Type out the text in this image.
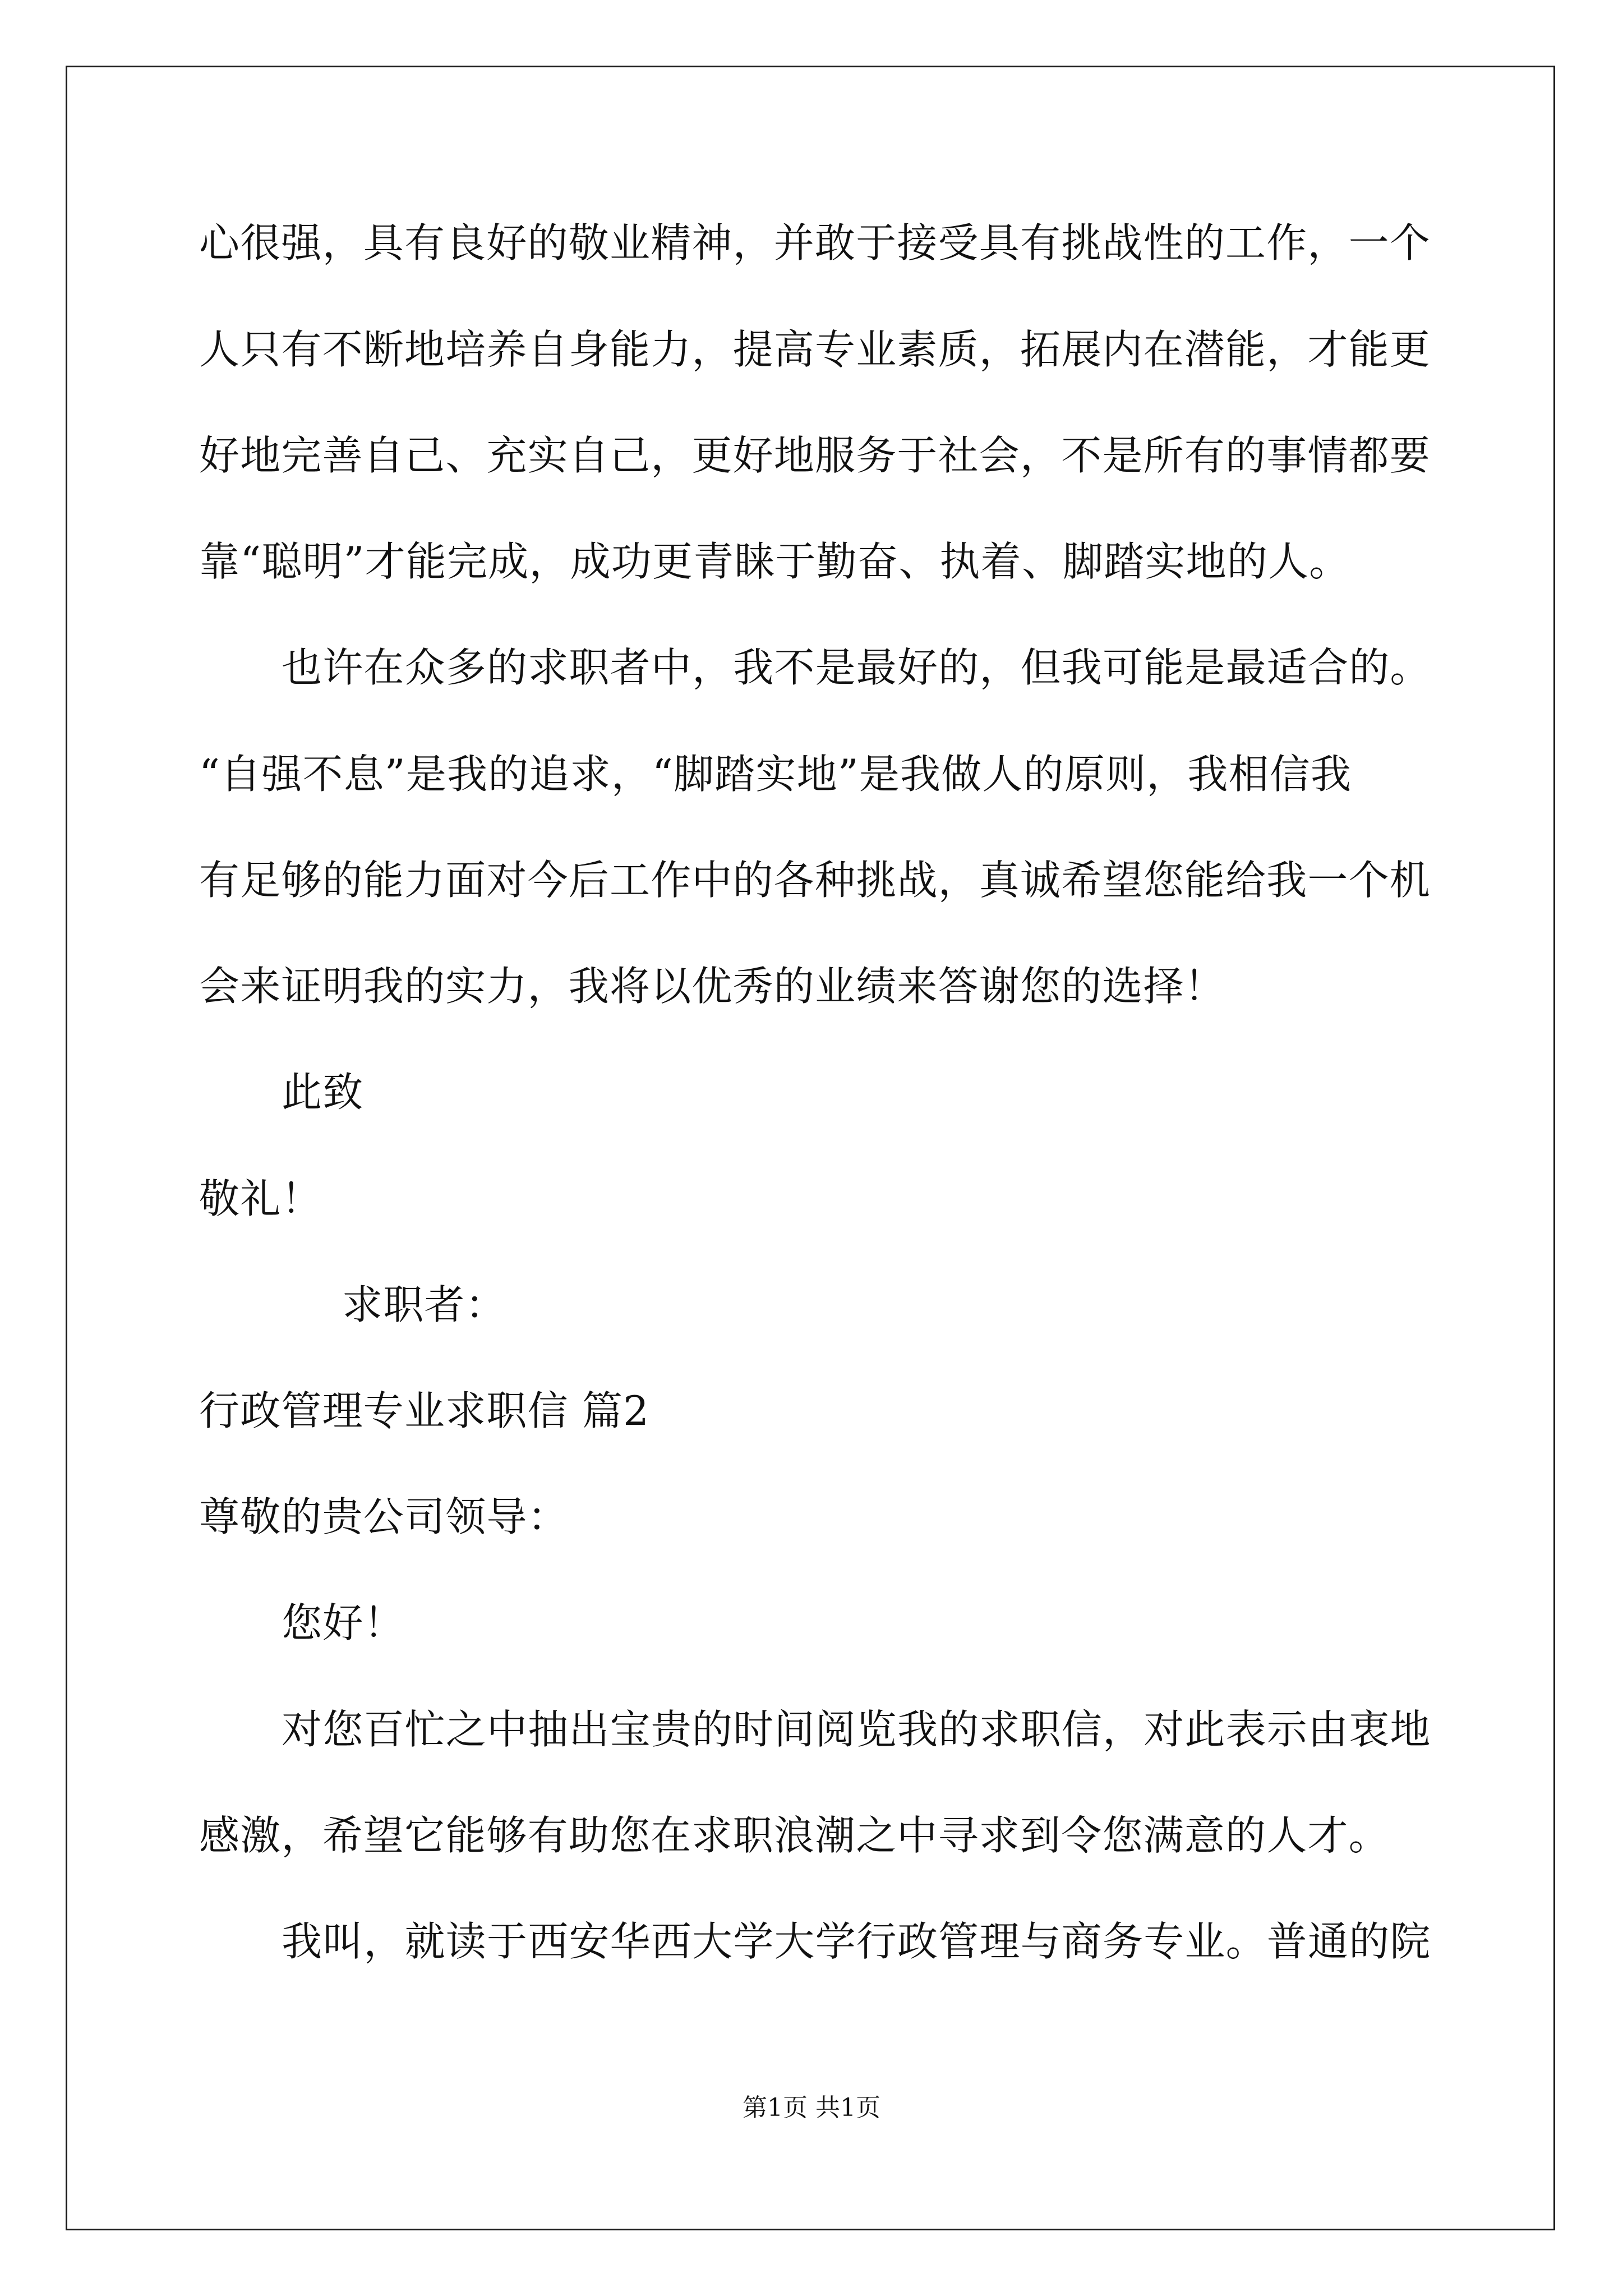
心很强，具有良好的敬业精神，并敢于接受具有挑战性的工作，一个
人只有不断地培养自身能力，提高专业素质，拓展内在潜能，才能更
好地完善自己、充实自己，更好地服务于社会，不是所有的事情都要
靠“聪明”才能完成，成功更青睐于勤奋、执着、脚踏实地的人。
也许在众多的求职者中，我不是最好的，但我可能是最适合的。
“自强不息”是我的追求，“脚踏实地”是我做人的原则，我相信我
有足够的能力面对今后工作中的各种挑战，真诚希望您能给我一个机
会来证明我的实力，我将以优秀的业绩来答谢您的选择！
此致
敬礼！
求职者：
行政管理专业求职信 篇2
尊敬的贵公司领导：
您好！
对您百忙之中抽出宝贵的时间阅览我的求职信，对此表示由衷地
感激，希望它能够有助您在求职浪潮之中寻求到令您满意的人才。
我叫，就读于西安华西大学大学行政管理与商务专业。普通的院
第1页 共1页
